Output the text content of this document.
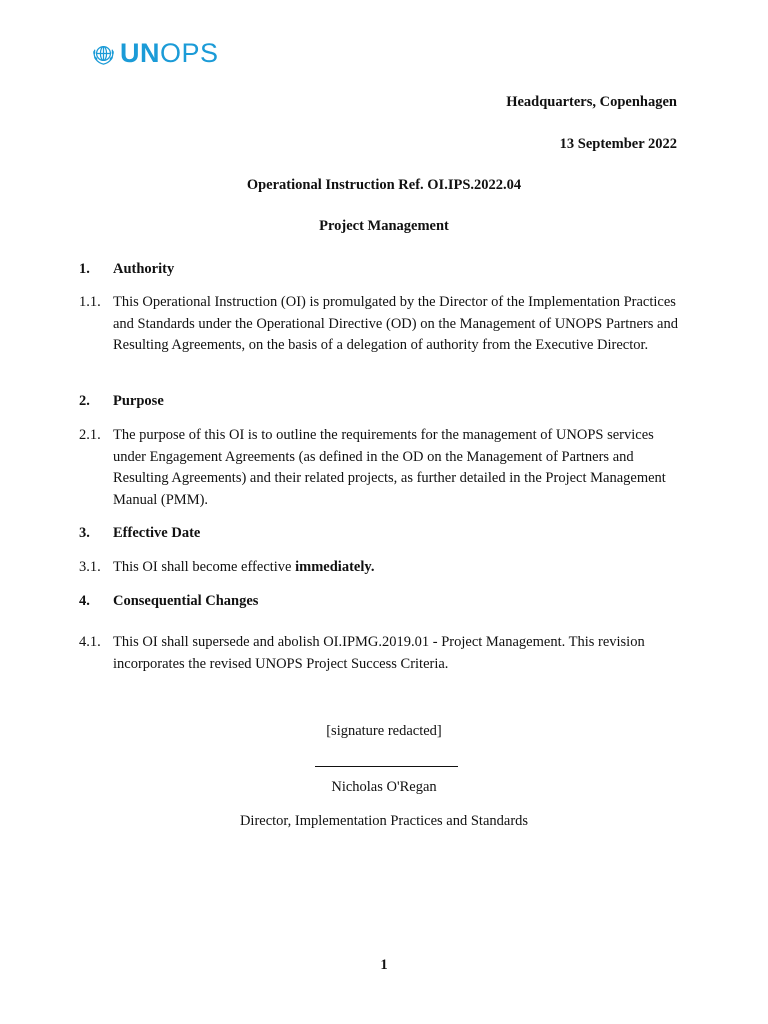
UNOPS
Headquarters, Copenhagen
13 September 2022
Operational Instruction Ref. OI.IPS.2022.04
Project Management
1. Authority
1.1. This Operational Instruction (OI) is promulgated by the Director of the Implementation Practices and Standards under the Operational Directive (OD) on the Management of UNOPS Partners and Resulting Agreements, on the basis of a delegation of authority from the Executive Director.
2. Purpose
2.1. The purpose of this OI is to outline the requirements for the management of UNOPS services under Engagement Agreements (as defined in the OD on the Management of Partners and Resulting Agreements) and their related projects, as further detailed in the Project Management Manual (PMM).
3. Effective Date
3.1. This OI shall become effective immediately.
4. Consequential Changes
4.1. This OI shall supersede and abolish OI.IPMG.2019.01 - Project Management. This revision incorporates the revised UNOPS Project Success Criteria.
[signature redacted]
Nicholas O'Regan
Director, Implementation Practices and Standards
1
